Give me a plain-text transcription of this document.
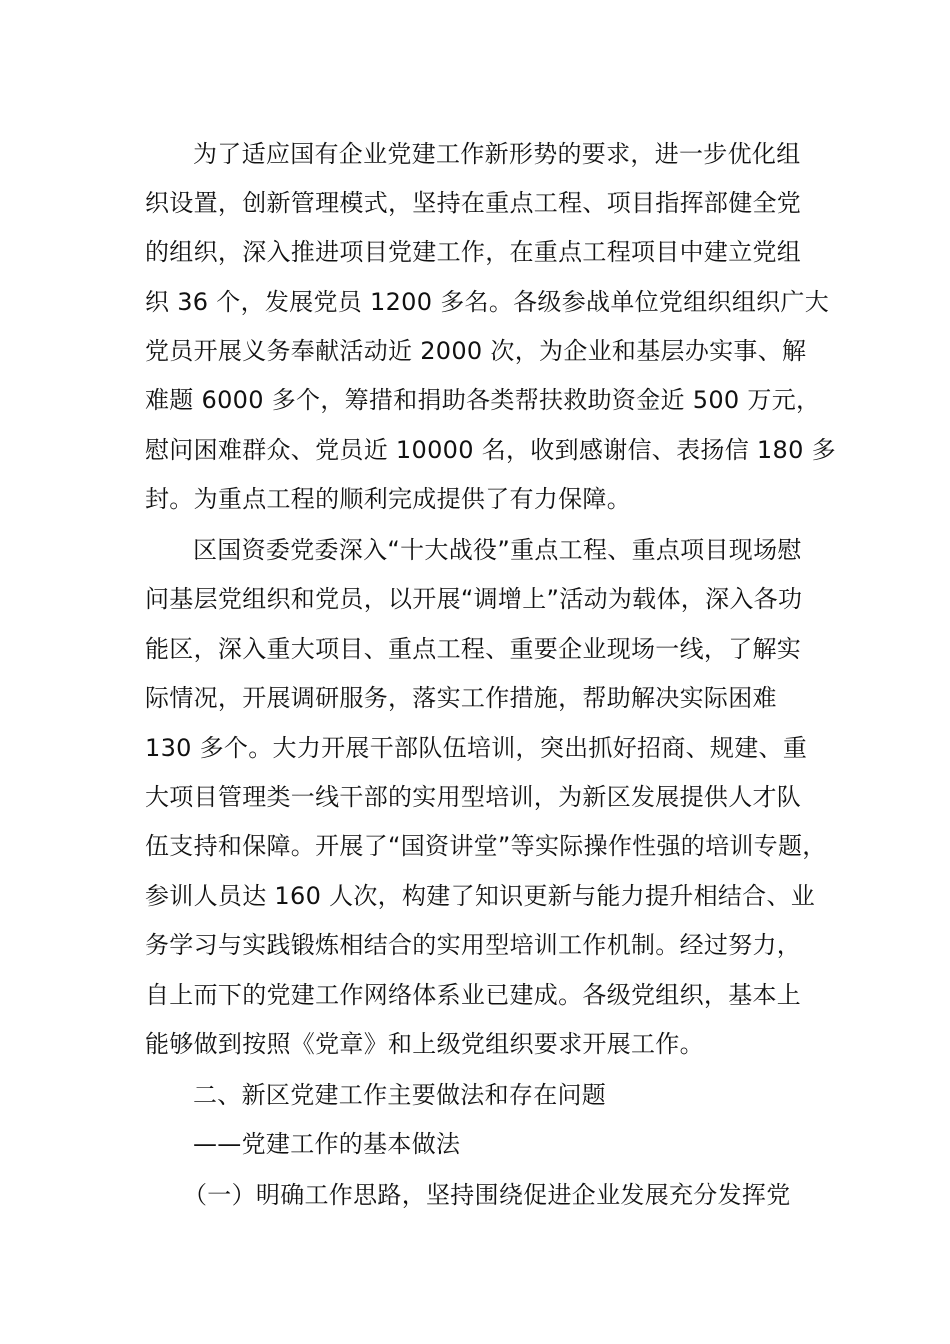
为了适应国有企业党建工作新形势的要求，进一步优化组
织设置，创新管理模式，坚持在重点工程、项目指挥部健全党
的组织，深入推进项目党建工作，在重点工程项目中建立党组
织 36 个，发展党员 1200 多名。各级参战单位党组织组织广大
党员开展义务奉献活动近 2000 次，为企业和基层办实事、解
难题 6000 多个，筹措和捐助各类帮扶救助资金近 500 万元，
慰问困难群众、党员近 10000 名，收到感谢信、表扬信 180 多
封。为重点工程的顺利完成提供了有力保障。
区国资委党委深入“十大战役”重点工程、重点项目现场慰
问基层党组织和党员，以开展“调增上”活动为载体，深入各功
能区，深入重大项目、重点工程、重要企业现场一线，了解实
际情况，开展调研服务，落实工作措施，帮助解决实际困难
130 多个。大力开展干部队伍培训，突出抓好招商、规建、重
大项目管理类一线干部的实用型培训，为新区发展提供人才队
伍支持和保障。开展了“国资讲堂”等实际操作性强的培训专题，
参训人员达 160 人次，构建了知识更新与能力提升相结合、业
务学习与实践锻炼相结合的实用型培训工作机制。经过努力，
自上而下的党建工作网络体系业已建成。各级党组织，基本上
能够做到按照《党章》和上级党组织要求开展工作。
二、新区党建工作主要做法和存在问题
——党建工作的基本做法
（一）明确工作思路，坚持围绕促进企业发展充分发挥党
